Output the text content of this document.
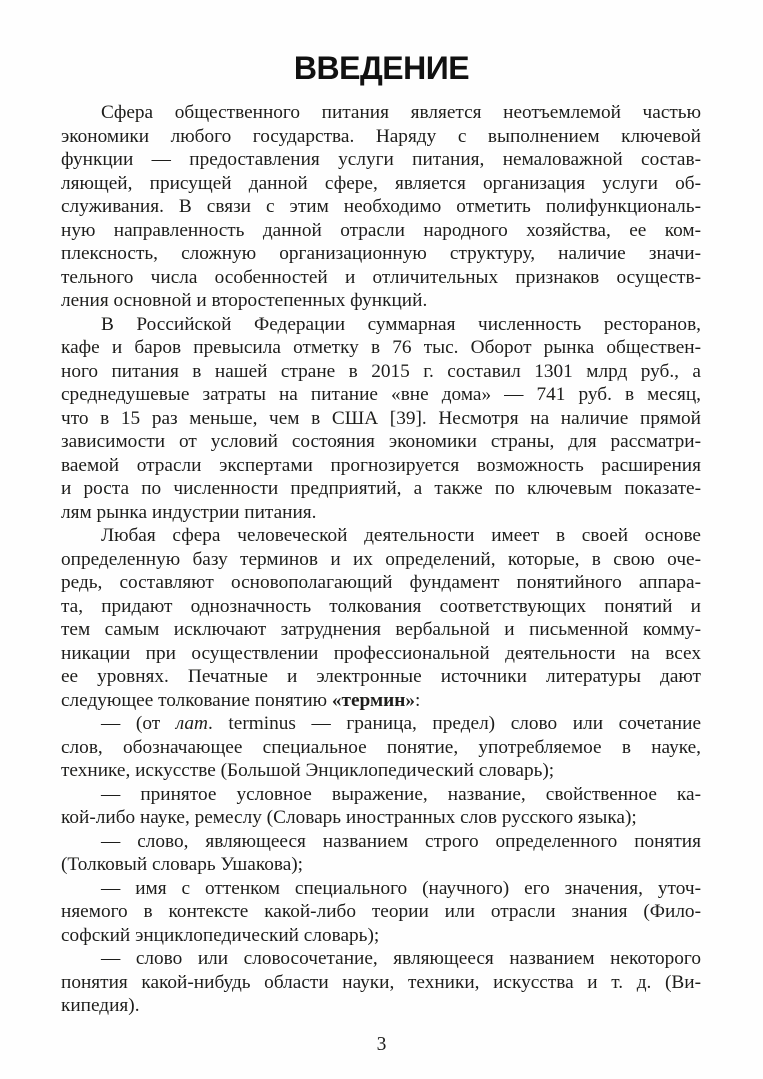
ВВЕДЕНИЕ
Сфера общественного питания является неотъемлемой частью
экономики любого государства. Наряду с выполнением ключевой
функции — предоставления услуги питания, немаловажной состав-
ляющей, присущей данной сфере, является организация услуги об-
служивания. В связи с этим необходимо отметить полифункциональ-
ную направленность данной отрасли народного хозяйства, ее ком-
плексность, сложную организационную структуру, наличие значи-
тельного числа особенностей и отличительных признаков осуществ-
ления основной и второстепенных функций.
В Российской Федерации суммарная численность ресторанов,
кафе и баров превысила отметку в 76 тыс. Оборот рынка обществен-
ного питания в нашей стране в 2015 г. составил 1301 млрд руб., а
среднедушевые затраты на питание «вне дома» — 741 руб. в месяц,
что в 15 раз меньше, чем в США [39]. Несмотря на наличие прямой
зависимости от условий состояния экономики страны, для рассматри-
ваемой отрасли экспертами прогнозируется возможность расширения
и роста по численности предприятий, а также по ключевым показате-
лям рынка индустрии питания.
Любая сфера человеческой деятельности имеет в своей основе
определенную базу терминов и их определений, которые, в свою оче-
редь, составляют основополагающий фундамент понятийного аппара-
та, придают однозначность толкования соответствующих понятий и
тем самым исключают затруднения вербальной и письменной комму-
никации при осуществлении профессиональной деятельности на всех
ее уровнях. Печатные и электронные источники литературы дают
следующее толкование понятию «термин»:
— (от лат. terminus — граница, предел) слово или сочетание
слов, обозначающее специальное понятие, употребляемое в науке,
технике, искусстве (Большой Энциклопедический словарь);
— принятое условное выражение, название, свойственное ка-
кой-либо науке, ремеслу (Словарь иностранных слов русского языка);
— слово, являющееся названием строго определенного понятия
(Толковый словарь Ушакова);
— имя с оттенком специального (научного) его значения, уточ-
няемого в контексте какой-либо теории или отрасли знания (Фило-
софский энциклопедический словарь);
— слово или словосочетание, являющееся названием некоторого
понятия какой-нибудь области науки, техники, искусства и т. д. (Ви-
кипедия).
3
